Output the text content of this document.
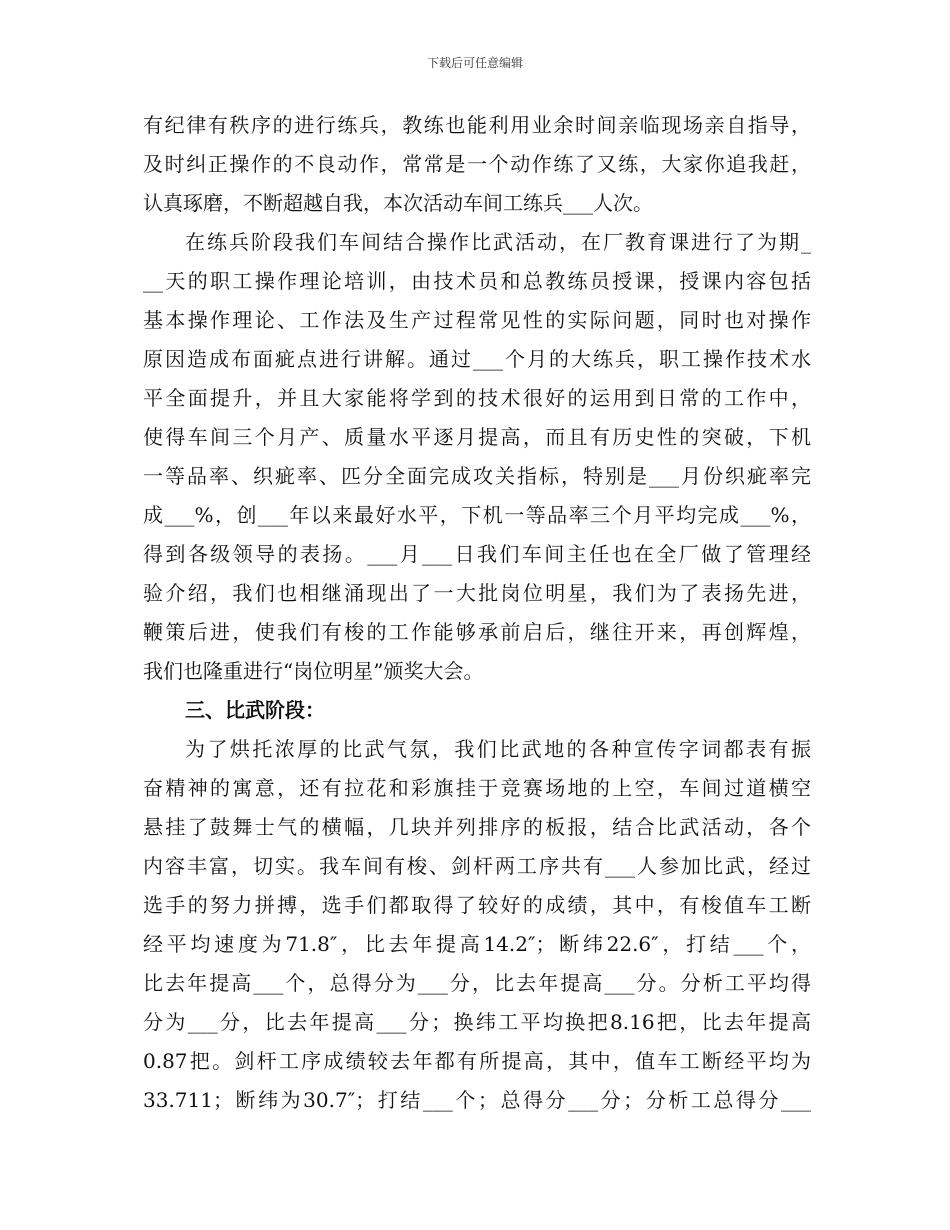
下载后可任意编辑
有纪律有秩序的进行练兵，教练也能利用业余时间亲临现场亲自指导，
及时纠正操作的不良动作，常常是一个动作练了又练，大家你追我赶，
认真琢磨，不断超越自我，本次活动车间工练兵___人次。
在练兵阶段我们车间结合操作比武活动，在厂教育课进行了为期_
__天的职工操作理论培训，由技术员和总教练员授课，授课内容包括
基本操作理论、工作法及生产过程常见性的实际问题，同时也对操作
原因造成布面疵点进行讲解。通过___个月的大练兵，职工操作技术水
平全面提升，并且大家能将学到的技术很好的运用到日常的工作中，
使得车间三个月产、质量水平逐月提高，而且有历史性的突破，下机
一等品率、织疵率、匹分全面完成攻关指标，特别是___月份织疵率完
成___%，创___年以来最好水平，下机一等品率三个月平均完成___%，
得到各级领导的表扬。___月___日我们车间主任也在全厂做了管理经
验介绍，我们也相继涌现出了一大批岗位明星，我们为了表扬先进，
鞭策后进，使我们有梭的工作能够承前启后，继往开来，再创辉煌，
我们也隆重进行“岗位明星”颁奖大会。
三、比武阶段：
为了烘托浓厚的比武气氛，我们比武地的各种宣传字词都表有振
奋精神的寓意，还有拉花和彩旗挂于竞赛场地的上空，车间过道横空
悬挂了鼓舞士气的横幅，几块并列排序的板报，结合比武活动，各个
内容丰富，切实。我车间有梭、剑杆两工序共有___人参加比武，经过
选手的努力拼搏，选手们都取得了较好的成绩，其中，有梭值车工断
经平均速度为71.8″，比去年提高14.2″；断纬22.6″，打结___个，
比去年提高___个，总得分为___分，比去年提高___分。分析工平均得
分为___分，比去年提高___分；换纬工平均换把8.16把，比去年提高
0.87把。剑杆工序成绩较去年都有所提高，其中，值车工断经平均为
33.711；断纬为30.7″；打结___个；总得分___分；分析工总得分___
